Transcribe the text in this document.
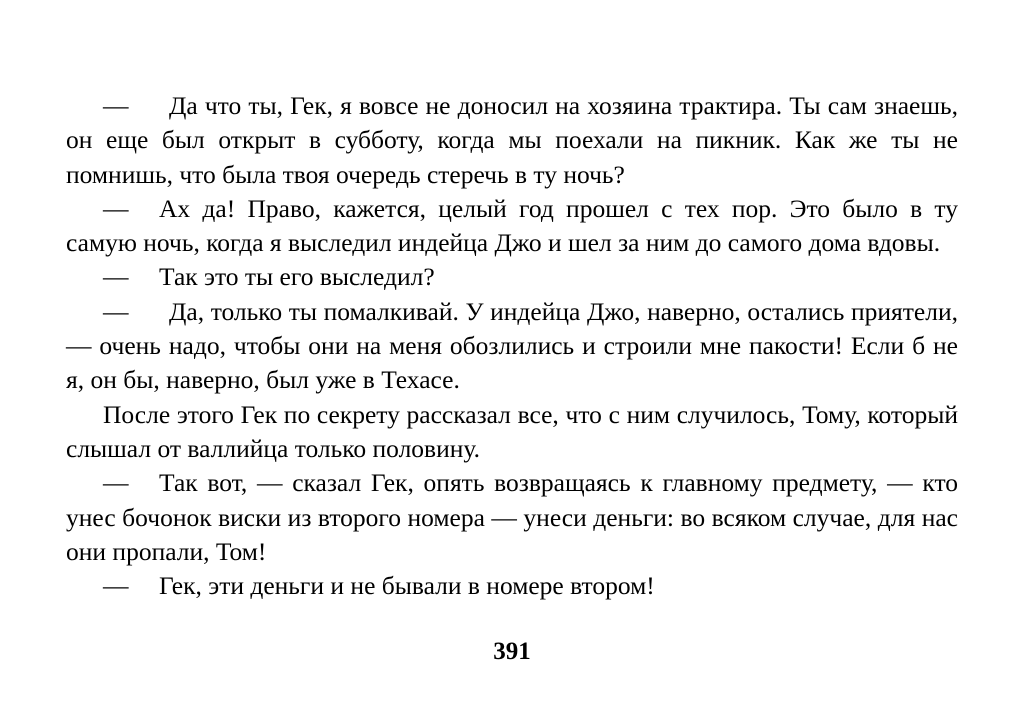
— Да что ты, Гек, я вовсе не доносил на хозяина трактира. Ты сам знаешь, он еще был открыт в субботу, когда мы поехали на пикник. Как же ты не помнишь, что была твоя очередь стеречь в ту ночь?

— Ах да! Право, кажется, целый год прошел с тех пор. Это было в ту самую ночь, когда я выследил индейца Джо и шел за ним до самого дома вдовы.

— Так это ты его выследил?

— Да, только ты помалкивай. У индейца Джо, наверно, остались приятели, — очень надо, чтобы они на меня обозлились и строили мне пакости! Если б не я, он бы, наверно, был уже в Техасе.

После этого Гек по секрету рассказал все, что с ним случилось, Тому, который слышал от валлийца только половину.

— Так вот, — сказал Гек, опять возвращаясь к главному предмету, — кто унес бочонок виски из второго номера — унеси деньги: во всяком случае, для нас они пропали, Том!

— Гек, эти деньги и не бывали в номере втором!

391
